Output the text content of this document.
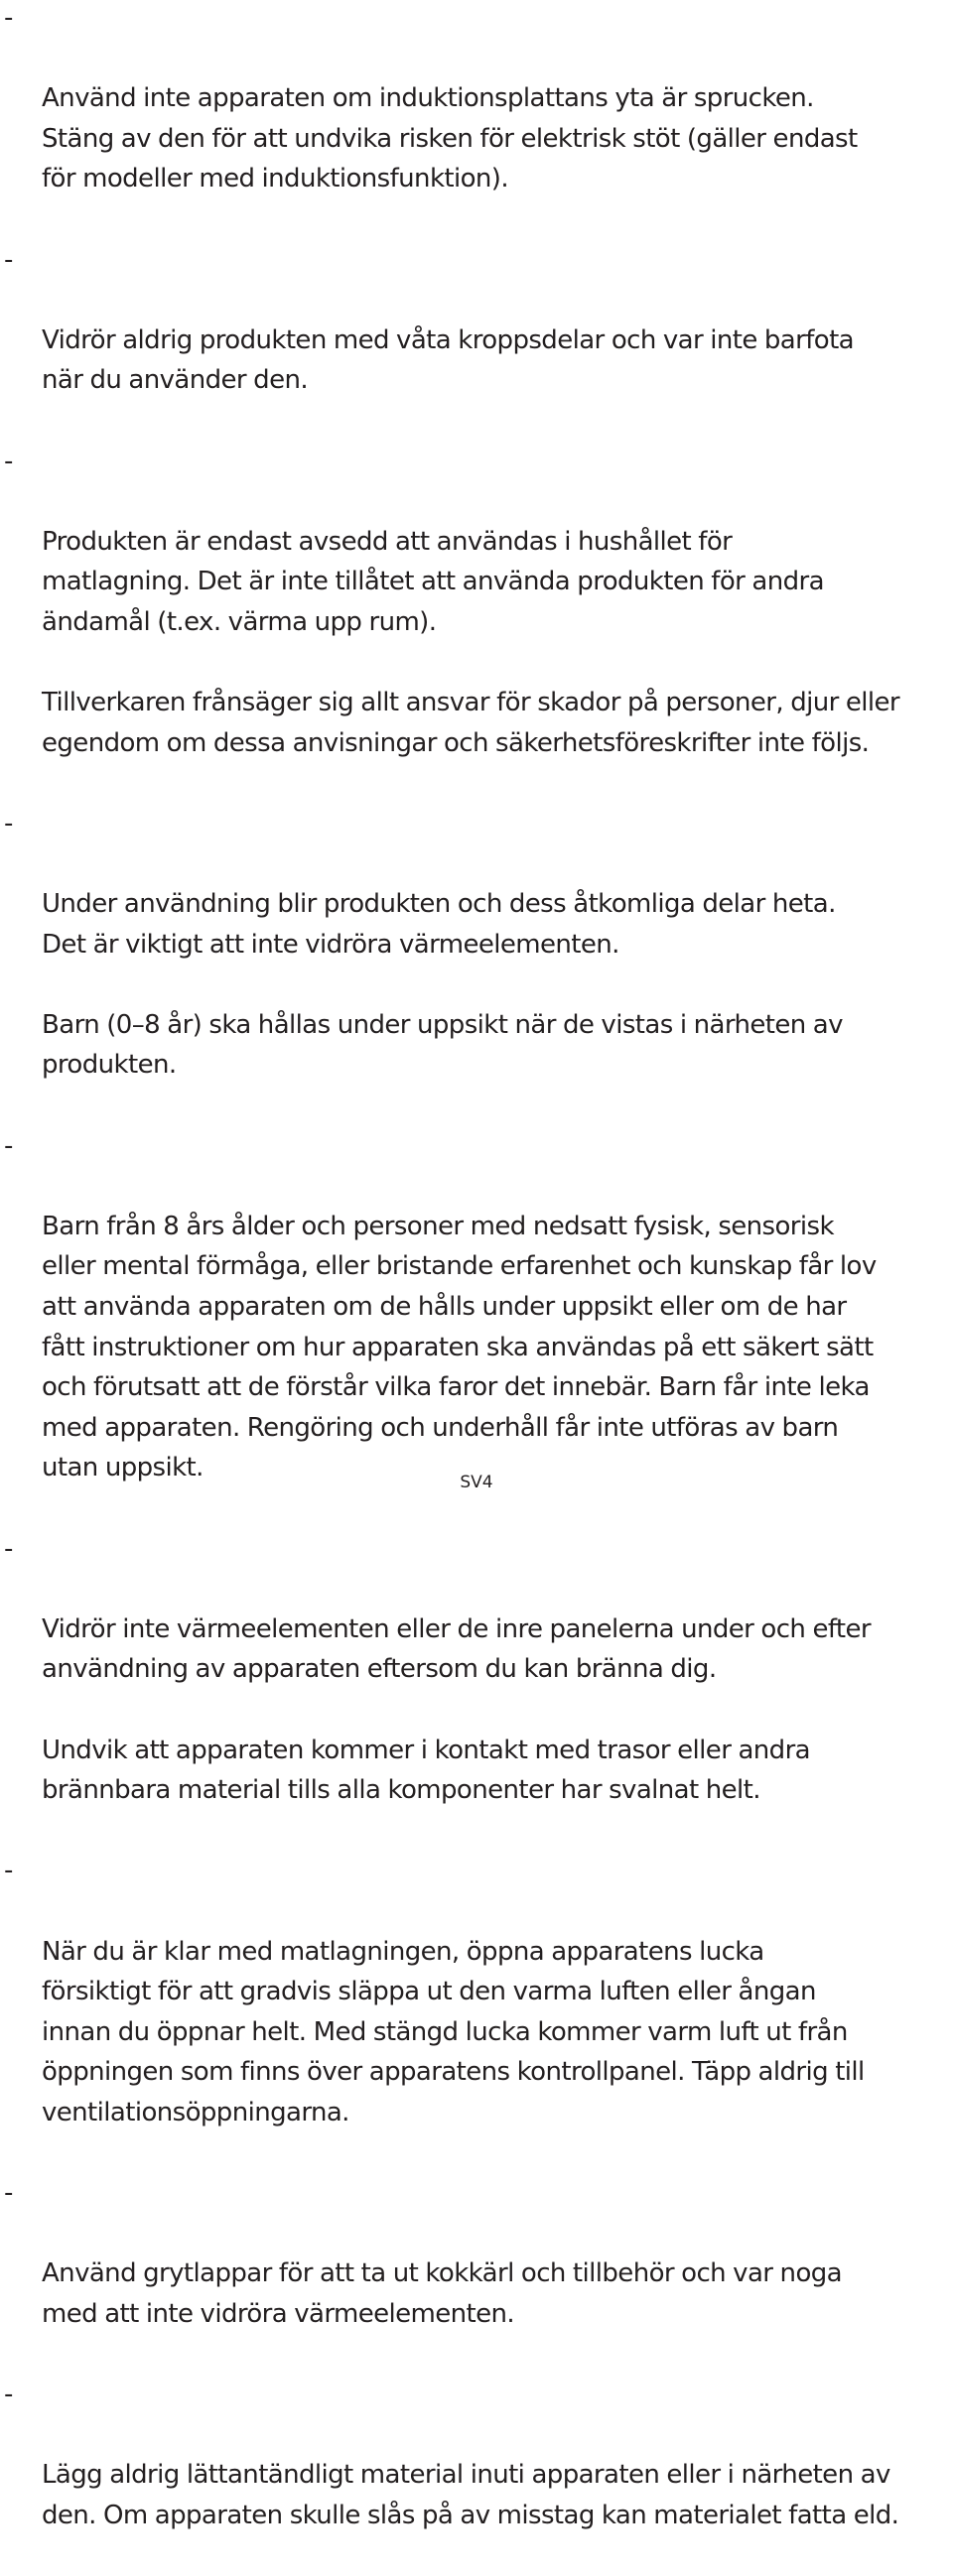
-

Använd inte apparaten om induktionsplattans yta är sprucken.
Stäng av den för att undvika risken för elektrisk stöt (gäller endast
för modeller med induktionsfunktion).

-

Vidrör aldrig produkten med våta kroppsdelar och var inte barfota
när du använder den.

-

Produkten är endast avsedd att användas i hushållet för
matlagning. Det är inte tillåtet att använda produkten för andra
ändamål (t.ex. värma upp rum).

Tillverkaren frånsäger sig allt ansvar för skador på personer, djur eller
egendom om dessa anvisningar och säkerhetsföreskrifter inte följs.

-

Under användning blir produkten och dess åtkomliga delar heta.
Det är viktigt att inte vidröra värmeelementen.

Barn (0–8 år) ska hållas under uppsikt när de vistas i närheten av
produkten.

-

Barn från 8 års ålder och personer med nedsatt fysisk, sensorisk
eller mental förmåga, eller bristande erfarenhet och kunskap får lov
att använda apparaten om de hålls under uppsikt eller om de har
fått instruktioner om hur apparaten ska användas på ett säkert sätt
och förutsatt att de förstår vilka faror det innebär. Barn får inte leka
med apparaten. Rengöring och underhåll får inte utföras av barn
utan uppsikt.

-

Vidrör inte värmeelementen eller de inre panelerna under och efter
användning av apparaten eftersom du kan bränna dig.

Undvik att apparaten kommer i kontakt med trasor eller andra
brännbara material tills alla komponenter har svalnat helt.

-

När du är klar med matlagningen, öppna apparatens lucka
försiktigt för att gradvis släppa ut den varma luften eller ångan
innan du öppnar helt. Med stängd lucka kommer varm luft ut från
öppningen som finns över apparatens kontrollpanel. Täpp aldrig till
ventilationsöppningarna.

-

Använd grytlappar för att ta ut kokkärl och tillbehör och var noga
med att inte vidröra värmeelementen.

-

Lägg aldrig lättantändligt material inuti apparaten eller i närheten av
den. Om apparaten skulle slås på av misstag kan materialet fatta eld.

SV4
